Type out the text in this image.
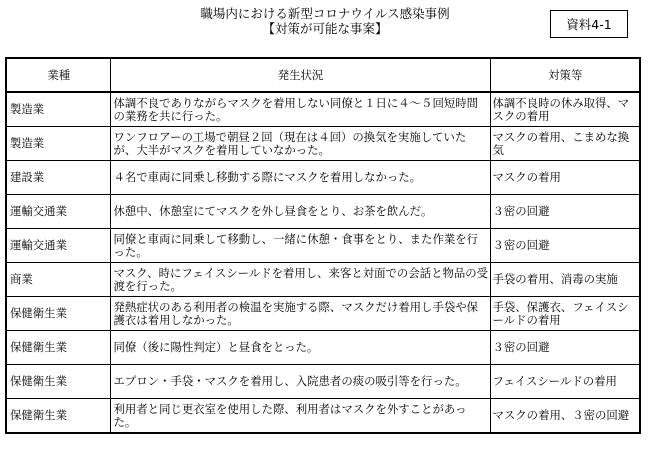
職場内における新型コロナウイルス感染事例
【対策が可能な事案】	資料4-1
業種	発生状況	対策等
製造業	体調不良でありながらマスクを着用しない同僚と１日に４～５回短時間の業務を共に行った。	体調不良時の休み取得、マスクの着用
製造業	ワンフロアーの工場で朝昼２回（現在は４回）の換気を実施していたが、大半がマスクを着用していなかった。	マスクの着用、こまめな換気
建設業	４名で車両に同乗し移動する際にマスクを着用しなかった。	マスクの着用
運輸交通業	休憩中、休憩室にてマスクを外し昼食をとり、お茶を飲んだ。	３密の回避
運輸交通業	同僚と車両に同乗して移動し、一緒に休憩・食事をとり、また作業を行った。	３密の回避
商業	マスク、時にフェイスシールドを着用し、来客と対面での会話と物品の受渡を行った。	手袋の着用、消毒の実施
保健衛生業	発熱症状のある利用者の検温を実施する際、マスクだけ着用し手袋や保護衣は着用しなかった。	手袋、保護衣、フェイスシールドの着用
保健衛生業	同僚（後に陽性判定）と昼食をとった。	３密の回避
保健衛生業	エプロン・手袋・マスクを着用し、入院患者の痰の吸引等を行った。	フェイスシールドの着用
保健衛生業	利用者と同じ更衣室を使用した際、利用者はマスクを外すことがあった。	マスクの着用、３密の回避
